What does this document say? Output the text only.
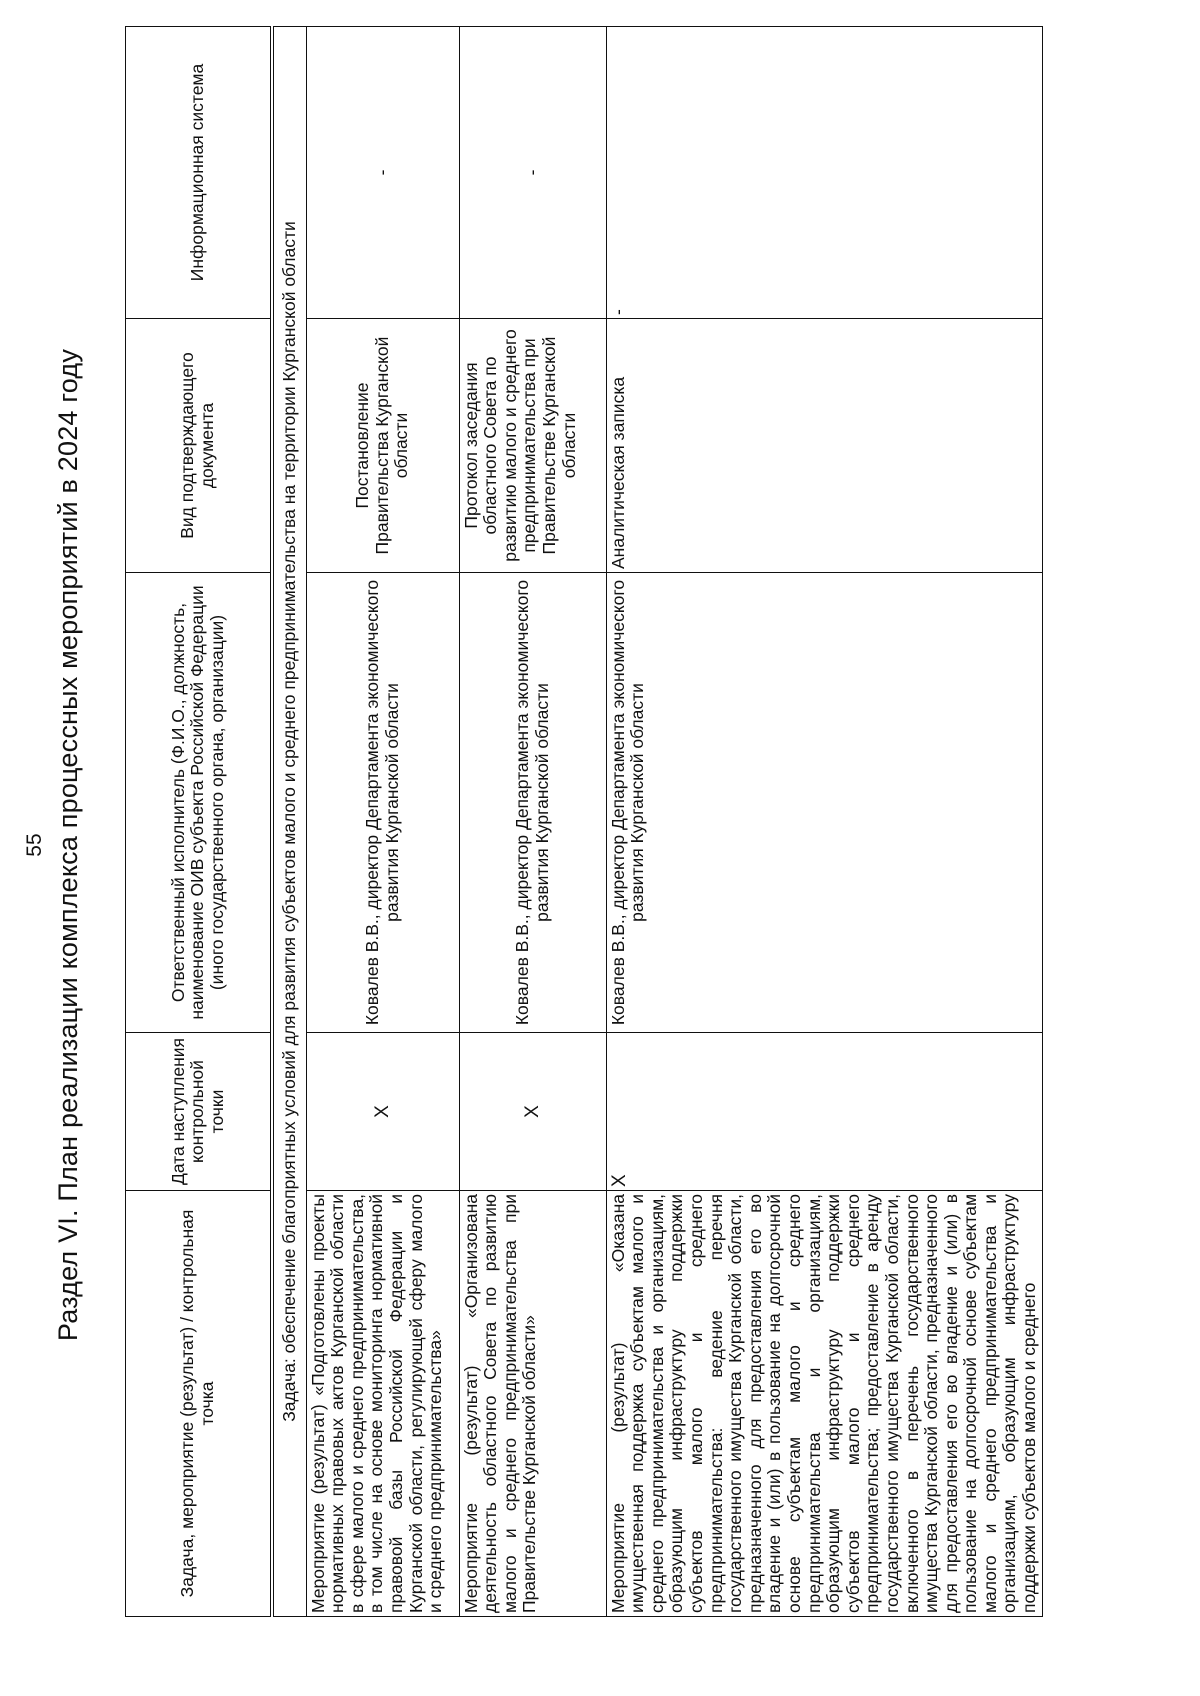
55 Раздел VI. План реализации комплекса процессных мероприятий в 2024 году
Задача, мероприятие (результат) / контрольная точка	Дата наступления контрольной точки	Ответственный исполнитель (Ф.И.О., должность, наименование ОИВ субъекта Российской Федерации (иного государственного органа, организации)	Вид подтверждающего документа	Информационная система
Задача: обеспечение благоприятных условий для развития субъектов малого и среднего предпринимательства на территории Курганской области				
Мероприятие (результат) «Подготовлены проекты нормативных правовых актов Курганской области в сфере малого и среднего предпринимательства, в том числе на основе мониторинга нормативной правовой базы Российской Федерации и Курганской области, регулирующей сферу малого и среднего предпринимательства»	X	Ковалев В.В., директор Департамента экономического развития Курганской области	Постановление Правительства Курганской области	-
Мероприятие (результат) «Организована деятельность областного Совета по развитию малого и среднего предпринимательства при Правительстве Курганской области»	X	Ковалев В.В., директор Департамента экономического развития Курганской области	Протокол заседания областного Совета по развитию малого и среднего предпринимательства при Правительстве Курганской области	-
Мероприятие (результат) «Оказана имущественная поддержка субъектам малого и среднего предпринимательства и организациям, образующим инфраструктуру поддержки субъектов малого и среднего предпринимательства: ведение перечня государственного имущества Курганской области, предназначенного для предоставления его во владение и (или) в пользование на долгосрочной основе субъектам малого и среднего предпринимательства и организациям, образующим инфраструктуру поддержки субъектов малого и среднего предпринимательства; предоставление в аренду государственного имущества Курганской области, включенного в перечень государственного имущества Курганской области, предназначенного для предоставления его во владение и (или) в пользование на долгосрочной основе субъектам малого и среднего предпринимательства и организациям, образующим инфраструктуру поддержки субъектов малого и среднего	X	Ковалев В.В., директор Департамента экономического развития Курганской области	Аналитическая записка	-
